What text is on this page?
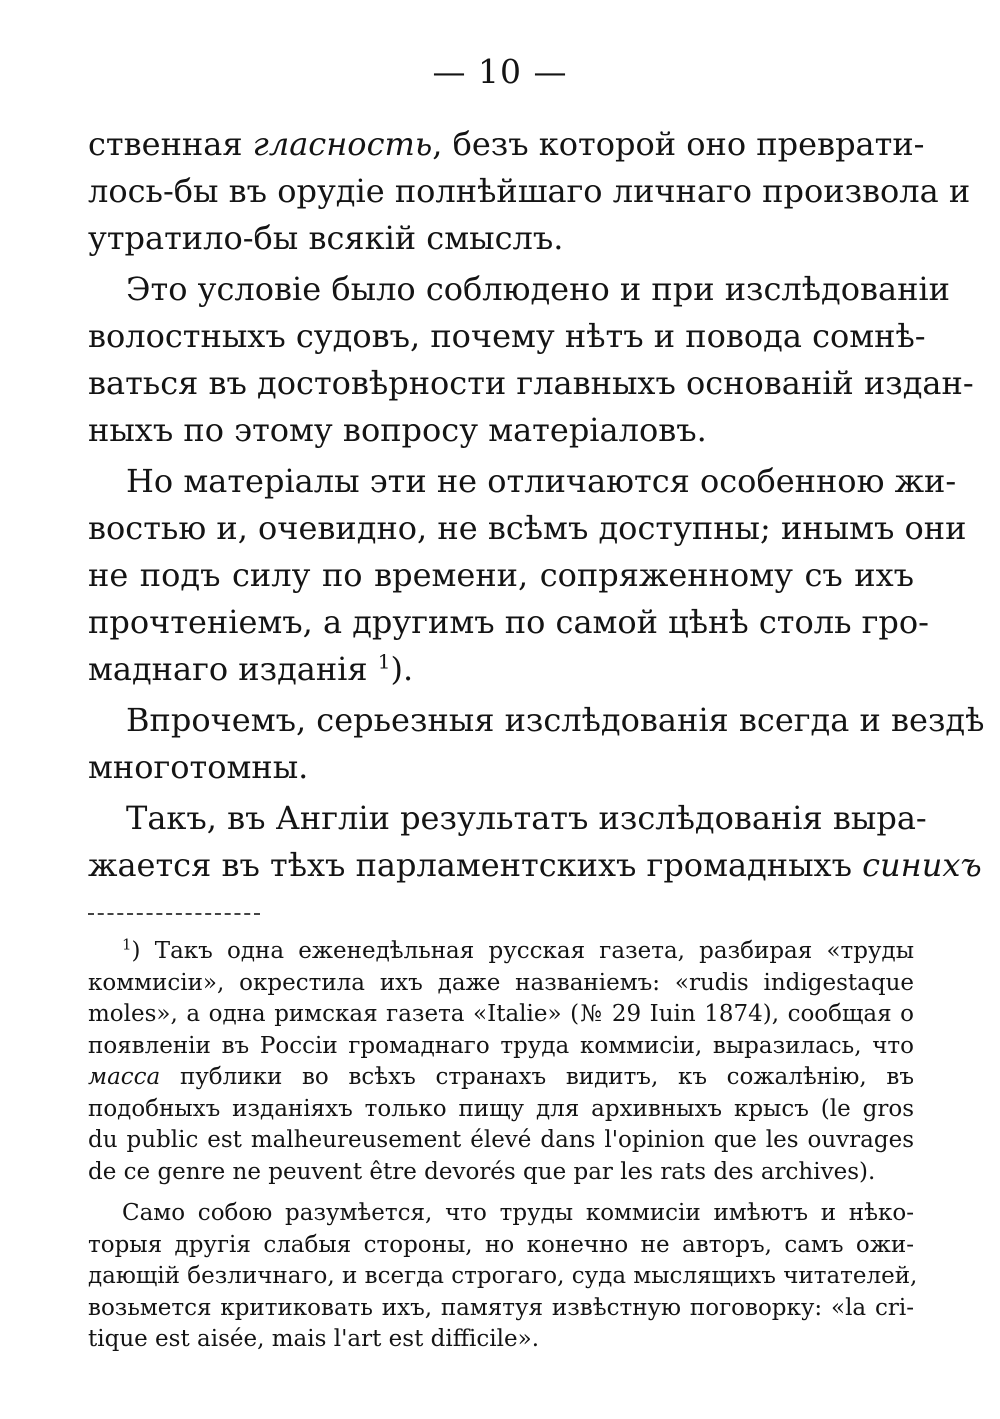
— 10 —
ственная гласность, безъ которой оно преврати-
лось-бы въ орудіе полнѣйшаго личнаго произвола и
утратило-бы всякій смыслъ.
Это условіе было соблюдено и при изслѣдованіи
волостныхъ судовъ, почему нѣтъ и повода сомнѣ-
ваться въ достовѣрности главныхъ основаній издан-
ныхъ по этому вопросу матеріаловъ.
Но матеріалы эти не отличаются особенною жи-
востью и, очевидно, не всѣмъ доступны; инымъ они
не подъ силу по времени, сопряженному съ ихъ
прочтеніемъ, а другимъ по самой цѣнѣ столь гро-
маднаго изданія $^1$).
Впрочемъ, серьезныя изслѣдованія всегда и вездѣ
многотомны.
Такъ, въ Англіи результатъ изслѣдованія выра-
жается въ тѣхъ парламентскихъ громадныхъ синихъ
$^1$) Такъ одна еженедѣльная русская газета, разбирая «труды
коммисіи», окрестила ихъ даже названіемъ: «rudis indigestaque
moles», а одна римская газета «Italie» (№ 29 Iuin 1874), сообщая о
появленіи въ Россіи громаднаго труда коммисіи, выразилась, что
масса публики во всѣхъ странахъ видитъ, къ сожалѣнію, въ
подобныхъ изданіяхъ только пищу для архивныхъ крысъ (le gros
du public est malheureusement élevé dans l'opinion que les ouvrages
de ce genre ne peuvent être devorés que par les rats des archives).
Само собою разумѣется, что труды коммисіи имѣютъ и нѣко-
торыя другія слабыя стороны, но конечно не авторъ, самъ ожи-
дающій безличнаго, и всегда строгаго, суда мыслящихъ читателей,
возьмется критиковать ихъ, памятуя извѣстную поговорку: «la cri-
tique est aisée, mais l'art est difficile».
